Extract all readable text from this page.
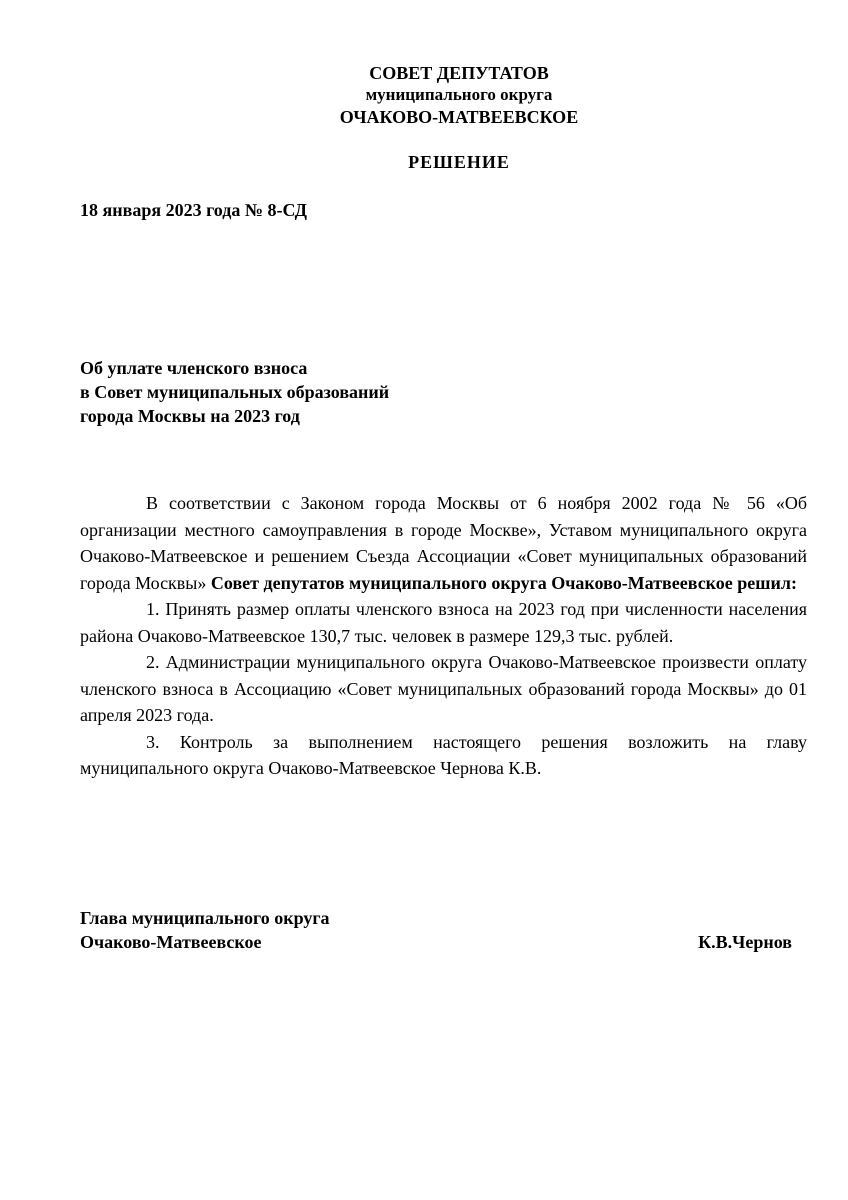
СОВЕТ ДЕПУТАТОВ
муниципального округа
ОЧАКОВО-МАТВЕЕВСКОЕ
РЕШЕНИЕ
18 января 2023 года № 8-СД
Об уплате членского взноса
в Совет муниципальных образований
города Москвы на 2023 год

В соответствии с Законом города Москвы от 6 ноября 2002 года № 56 «Об организации местного самоуправления в городе Москве», Уставом муниципального округа Очаково-Матвеевское и решением Съезда Ассоциации «Совет муниципальных образований города Москвы» Совет депутатов муниципального округа Очаково-Матвеевское решил:

1. Принять размер оплаты членского взноса на 2023 год при численности населения района Очаково-Матвеевское 130,7 тыс. человек в размере 129,3 тыс. рублей.

2. Администрации муниципального округа Очаково-Матвеевское произвести оплату членского взноса в Ассоциацию «Совет муниципальных образований города Москвы» до 01 апреля 2023 года.

3. Контроль за выполнением настоящего решения возложить на главу муниципального округа Очаково-Матвеевское Чернова К.В.

Глава муниципального округа
Очаково-Матвеевское	К.В.Чернов
